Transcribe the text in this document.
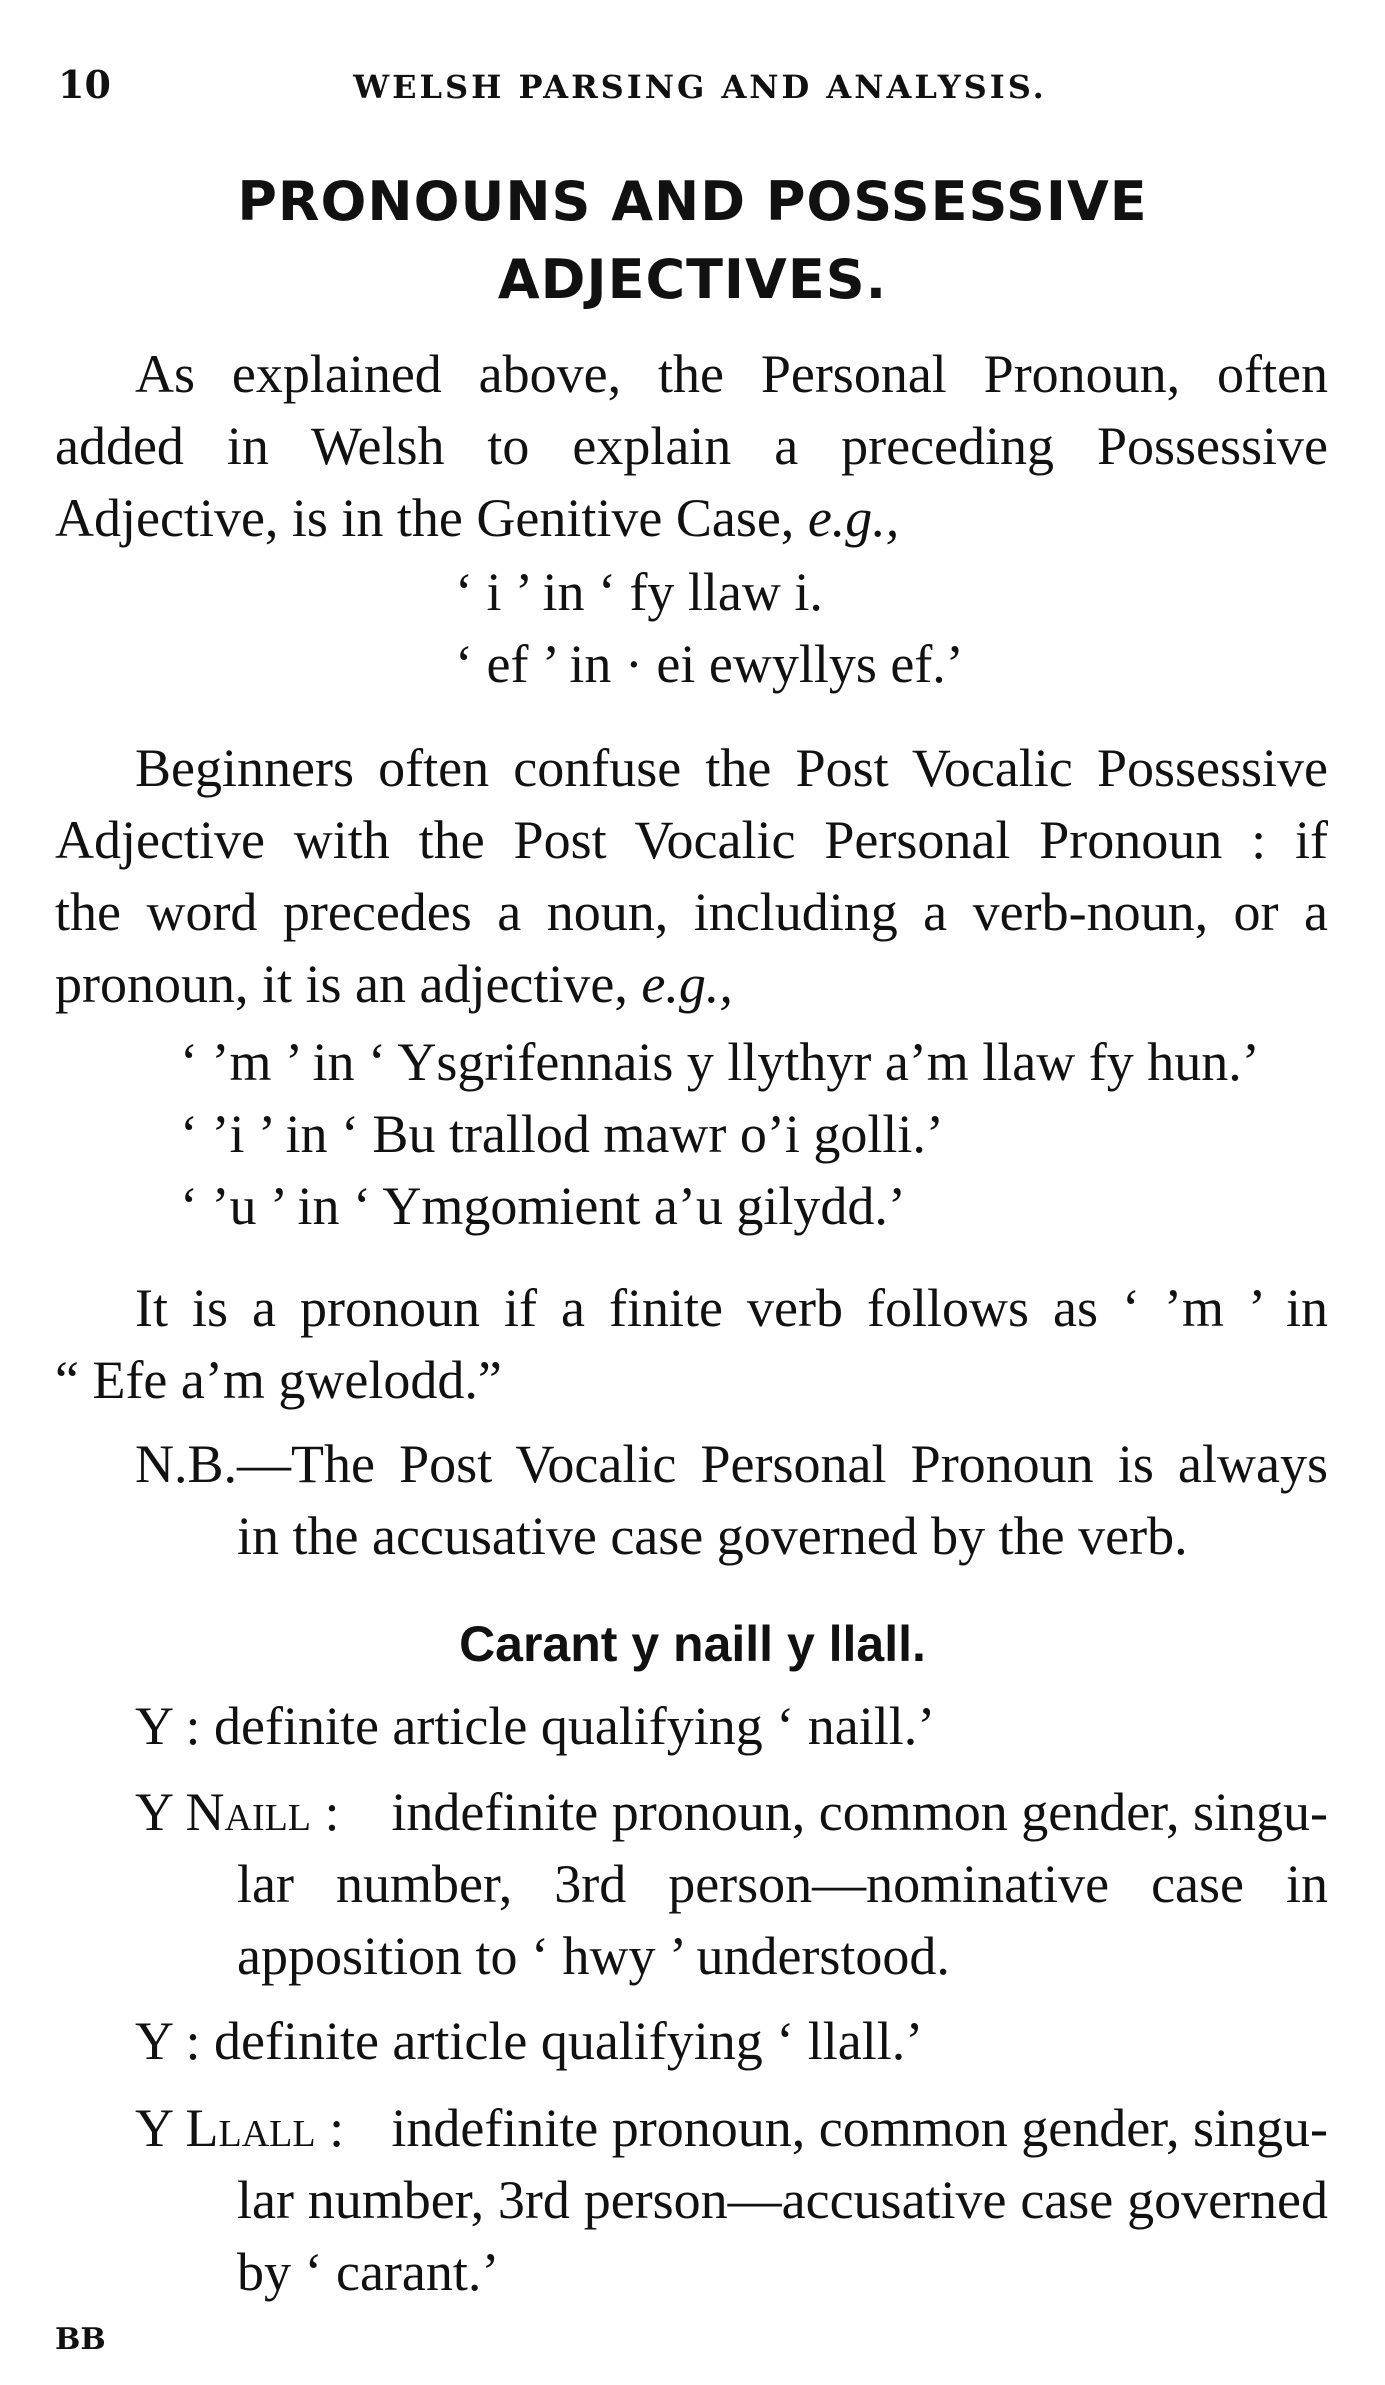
10	WELSH PARSING AND ANALYSIS.
PRONOUNS AND POSSESSIVE
ADJECTIVES.
As explained above, the Personal Pronoun, often
added in Welsh to explain a preceding Possessive
Adjective, is in the Genitive Case, e.g.,
‘ i ’ in ‘ fy llaw i.
‘ ef ’ in · ei ewyllys ef.’
Beginners often confuse the Post Vocalic Possessive
Adjective with the Post Vocalic Personal Pronoun : if
the word precedes a noun, including a verb-noun, or a
pronoun, it is an adjective, e.g.,
‘ ’m ’ in ‘ Ysgrifennais y llythyr a’m llaw fy hun.’
‘ ’i ’ in ‘ Bu trallod mawr o’i golli.’
‘ ’u ’ in ‘ Ymgomient a’u gilydd.’
It is a pronoun if a finite verb follows as ‘ ’m ’ in
“ Efe a’m gwelodd.”
N.B.—The Post Vocalic Personal Pronoun is always
in the accusative case governed by the verb.
Carant y naill y llall.
Y : definite article qualifying ‘ naill.’
Y Naill : indefinite pronoun, common gender, singu-
lar number, 3rd person—nominative case in
apposition to ‘ hwy ’ understood.
Y : definite article qualifying ‘ llall.’
Y Llall : indefinite pronoun, common gender, singu-
lar number, 3rd person—accusative case governed
by ‘ carant.’
BB
